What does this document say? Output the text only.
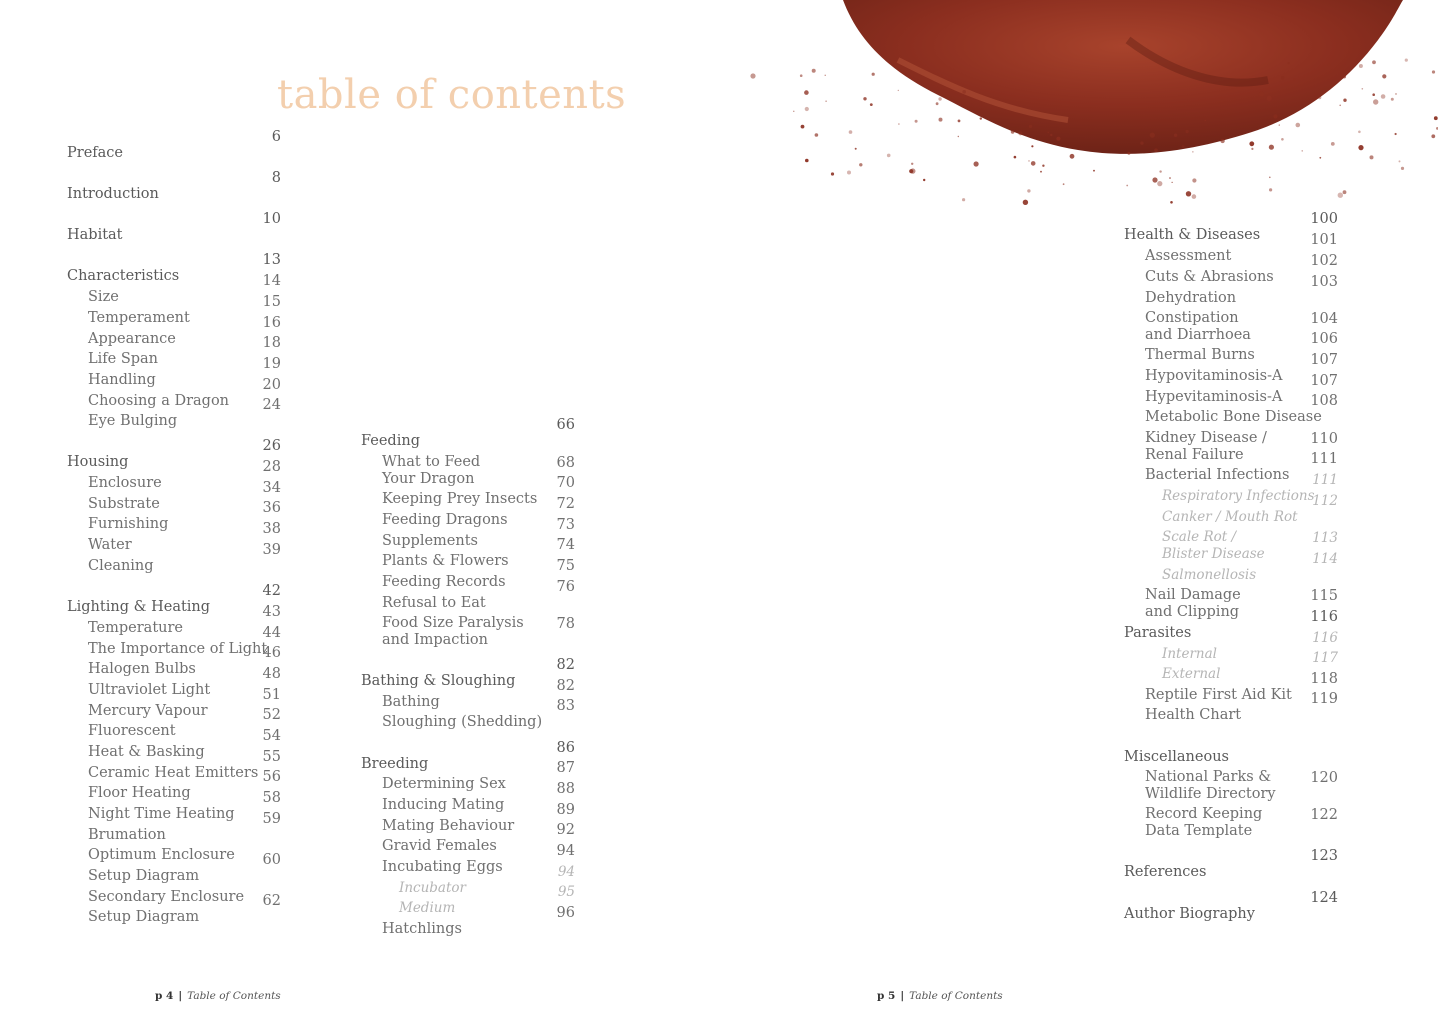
table of contents
Preface
6
Introduction
8
Habitat
10
Characteristics
13
Size
14
Temperament
15
Appearance
16
Life Span
18
Handling
19
Choosing a Dragon
20
Eye Bulging
24
Housing
26
Enclosure
28
Substrate
34
Furnishing
36
Water
38
Cleaning
39
Lighting & Heating
42
Temperature
43
The Importance of Light
44
Halogen Bulbs
46
Ultraviolet Light
48
Mercury Vapour
51
Fluorescent
52
Heat & Basking
54
Ceramic Heat Emitters
55
Floor Heating
56
Night Time Heating
58
Brumation
59
Optimum Enclosure
Setup Diagram
60
Secondary Enclosure
Setup Diagram
62
Feeding
66
What to Feed
Your Dragon
68
Keeping Prey Insects
70
Feeding Dragons
72
Supplements
73
Plants & Flowers
74
Feeding Records
75
Refusal to Eat
76
Food Size Paralysis
and Impaction
78
Bathing & Sloughing
82
Bathing
82
Sloughing (Shedding)
83
Breeding
86
Determining Sex
87
Inducing Mating
88
Mating Behaviour
89
Gravid Females
92
Incubating Eggs
94
Incubator
94
Medium
95
Hatchlings
96
Health & Diseases
100
Assessment
101
Cuts & Abrasions
102
Dehydration
103
Constipation
and Diarrhoea
104
Thermal Burns
106
Hypovitaminosis-A
107
Hypevitaminosis-A
107
Metabolic Bone Disease
108
Kidney Disease /
Renal Failure
110
Bacterial Infections
111
Respiratory Infections
111
Canker / Mouth Rot
112
Scale Rot /
Blister Disease
113
Salmonellosis
114
Nail Damage
and Clipping
115
Parasites
116
Internal
116
External
117
Reptile First Aid Kit
118
Health Chart
119
Miscellaneous
National Parks &
Wildlife Directory
120
Record Keeping
Data Template
122
References
123
Author Biography
124
p 4 | Table of Contents	p 5 | Table of Contents
